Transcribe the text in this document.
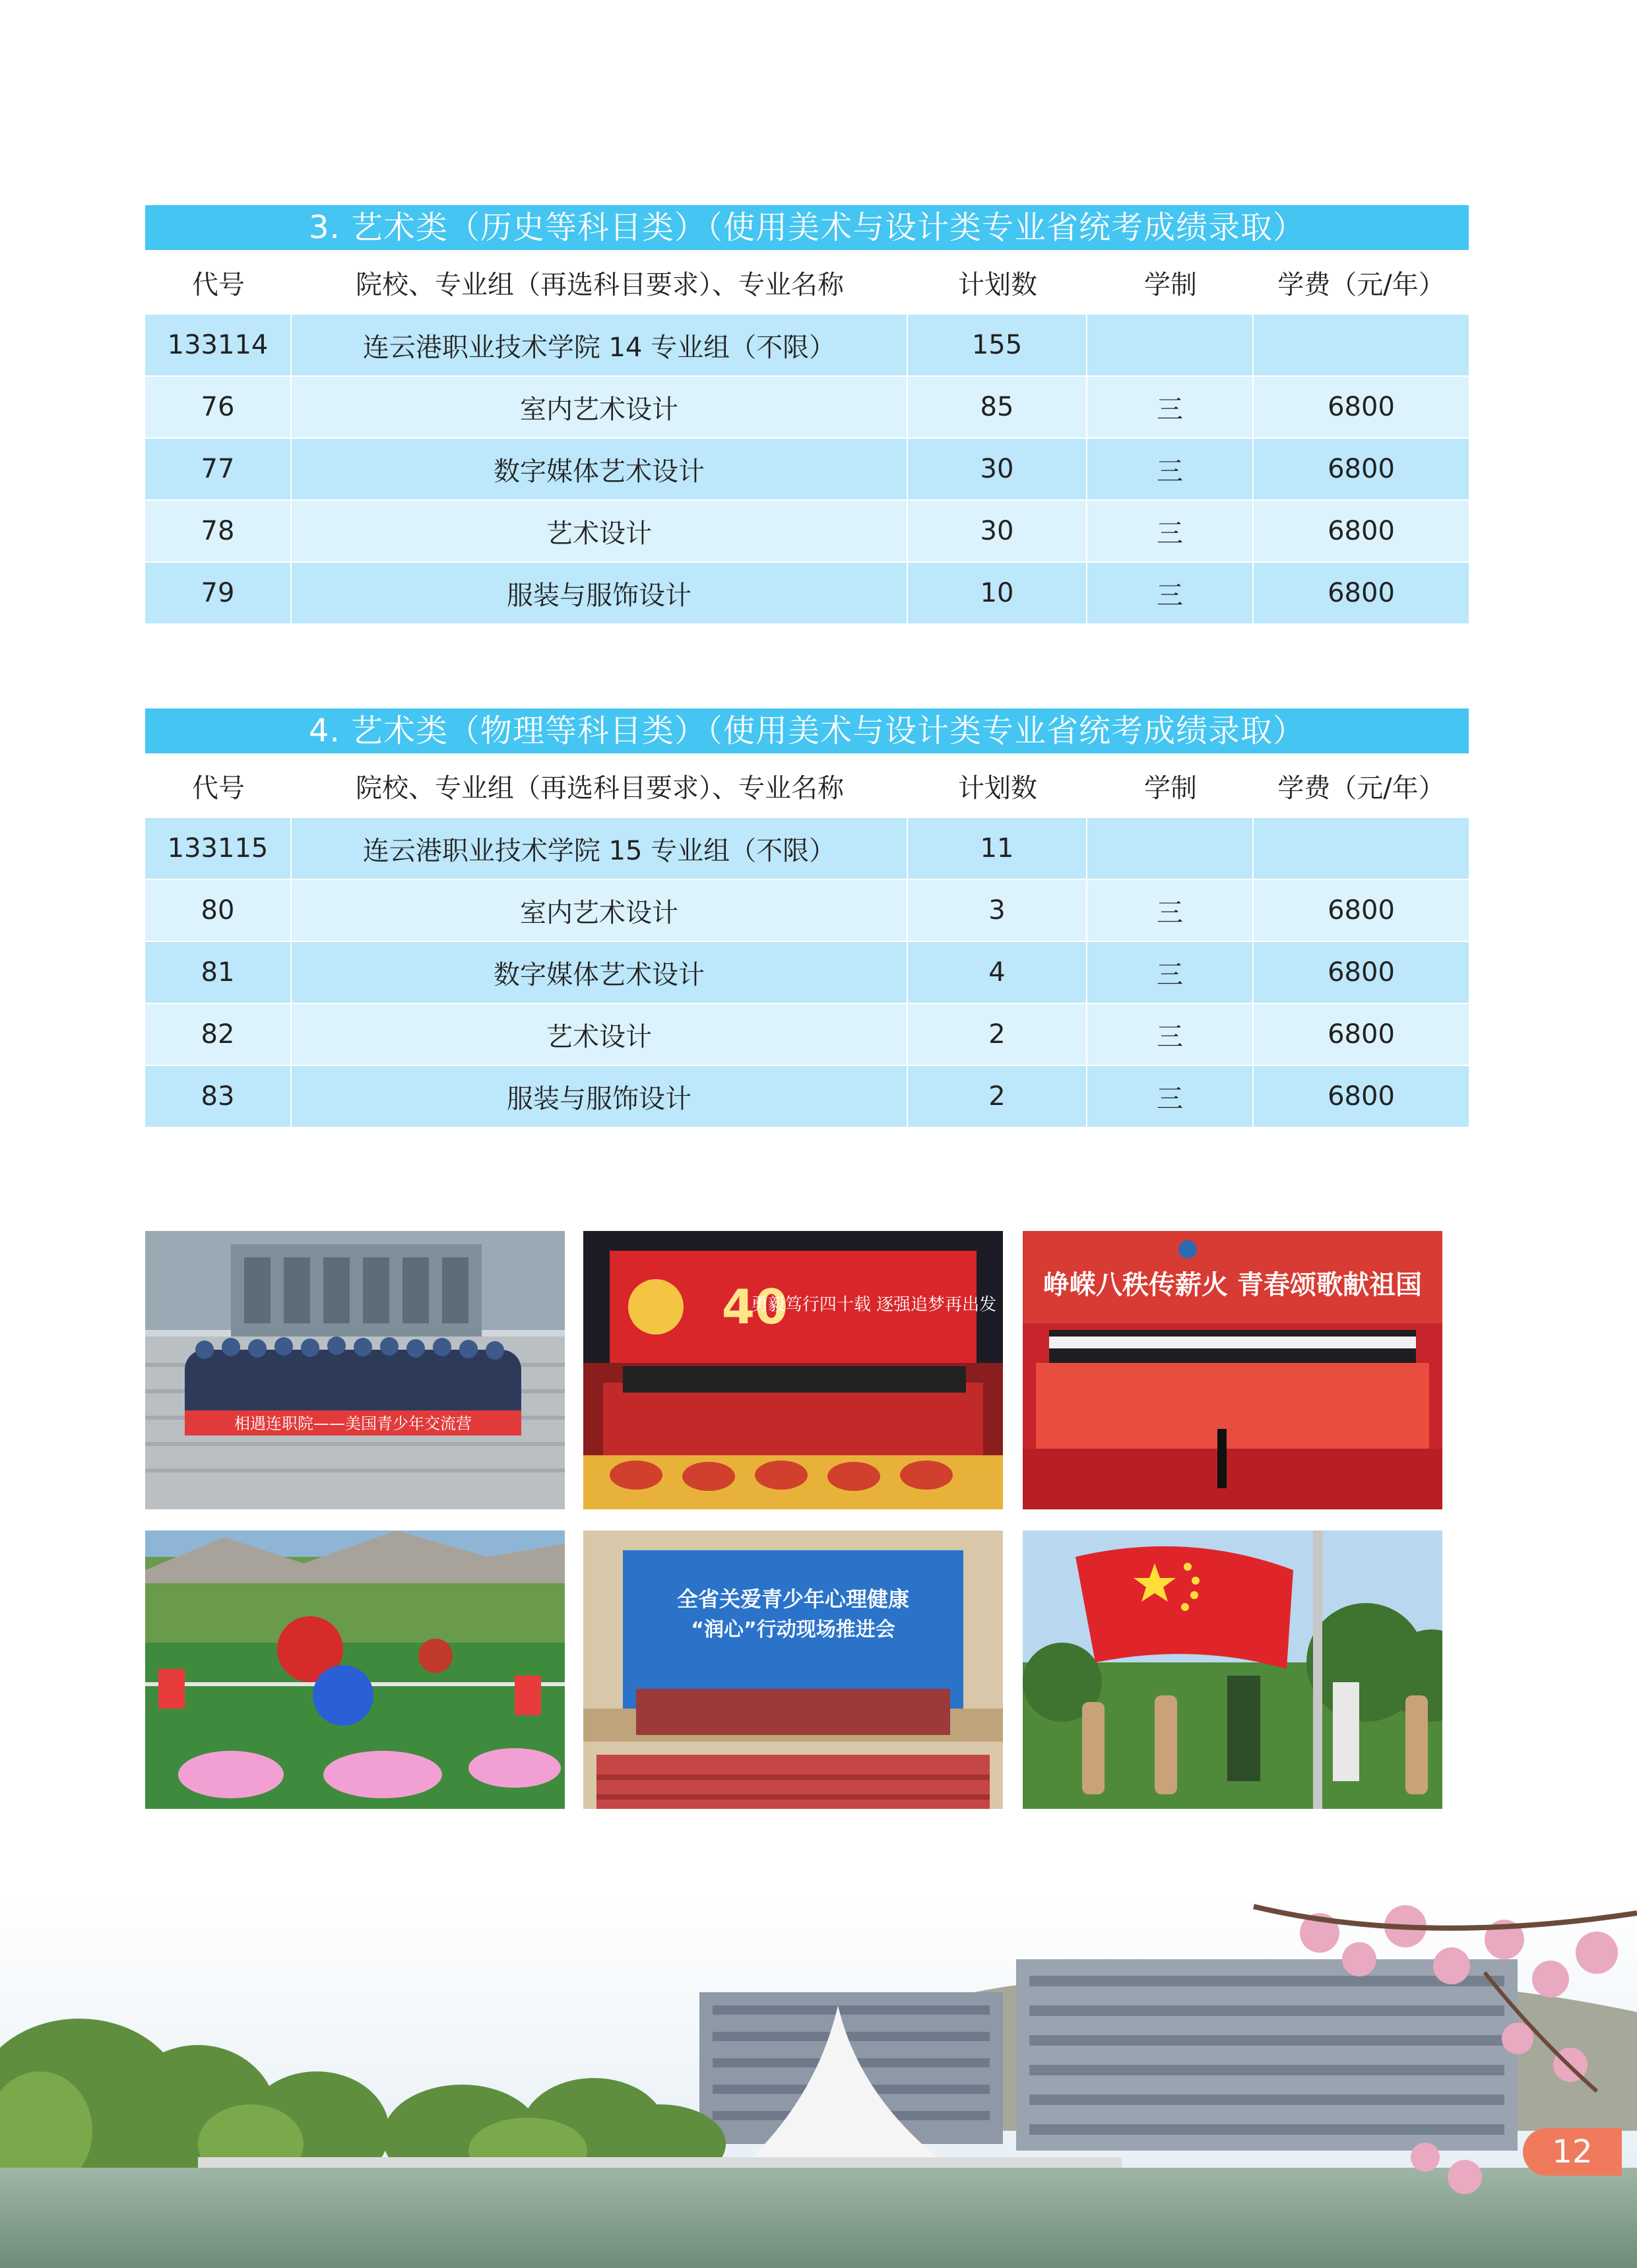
3. 艺术类（历史等科目类）（使用美术与设计类专业省统考成绩录取）
代号	院校、专业组（再选科目要求）、专业名称	计划数	学制	学费（元/年）
133114	连云港职业技术学院 14 专业组（不限）	155
76	室内艺术设计	85	三	6800
77	数字媒体艺术设计	30	三	6800
78	艺术设计	30	三	6800
79	服装与服饰设计	10	三	6800
4. 艺术类（物理等科目类）（使用美术与设计类专业省统考成绩录取）
代号	院校、专业组（再选科目要求）、专业名称	计划数	学制	学费（元/年）
133115	连云港职业技术学院 15 专业组（不限）	11
80	室内艺术设计	3	三	6800
81	数字媒体艺术设计	4	三	6800
82	艺术设计	2	三	6800
83	服装与服饰设计	2	三	6800
相遇连职院——美国青少年交流营
40
勇毅笃行四十载 逐强追梦再出发
峥嵘八秩传薪火 青春颂歌献祖国
全省关爱青少年心理健康
“润心”行动现场推进会
12
